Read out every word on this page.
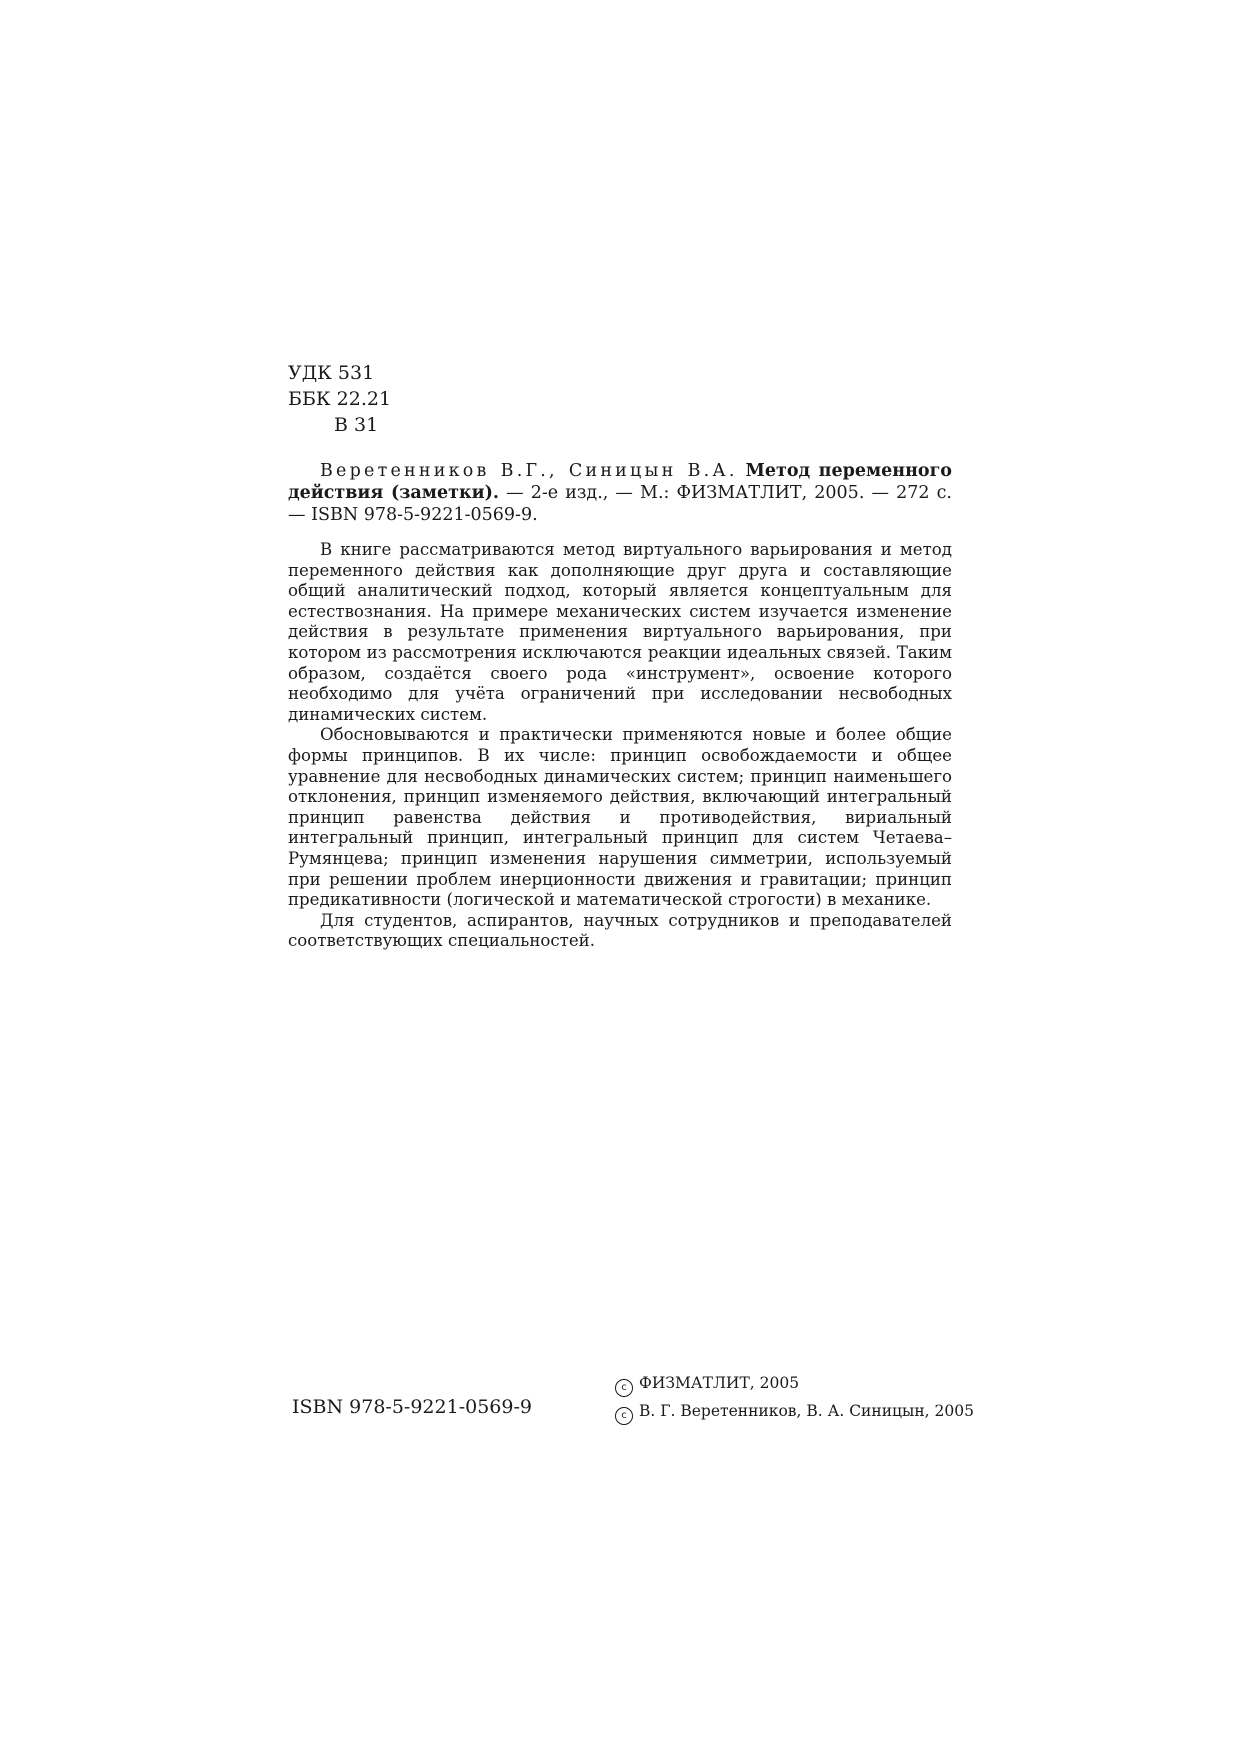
УДК 531
ББК 22.21
В 31
Веретенников В.Г., Синицын В.А. Метод переменного действия (заметки). — 2-е изд., — М.: ФИЗМАТЛИТ, 2005. — 272 с. — ISBN 978-5-9221-0569-9.

В книге рассматриваются метод виртуального варьирования и метод переменного действия как дополняющие друг друга и составляющие общий аналитический подход, который является концептуальным для естествознания. На примере механических систем изучается изменение действия в результате применения виртуального варьирования, при котором из рассмотрения исключаются реакции идеальных связей. Таким образом, создаётся своего рода «инструмент», освоение которого необходимо для учёта ограничений при исследовании несвободных динамических систем.

Обосновываются и практически применяются новые и более общие формы принципов. В их числе: принцип освобождаемости и общее уравнение для несвободных динамических систем; принцип наименьшего отклонения, принцип изменяемого действия, включающий интегральный принцип равенства действия и противодействия, вириальный интегральный принцип, интегральный принцип для систем Четаева–Румянцева; принцип изменения нарушения симметрии, используемый при решении проблем инерционности движения и гравитации; принцип предикативности (логической и математической строгости) в механике.

Для студентов, аспирантов, научных сотрудников и преподавателей соответствующих специальностей.

ISBN 978-5-9221-0569-9
c ФИЗМАТЛИТ, 2005
c В. Г. Веретенников, В. А. Синицын, 2005
